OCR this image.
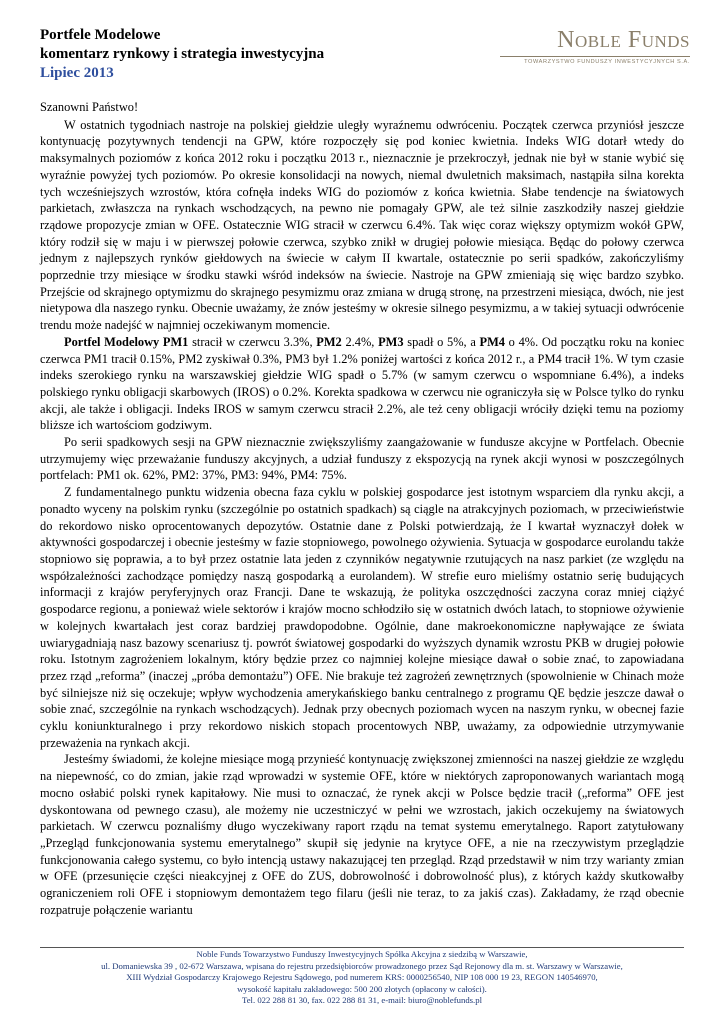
Portfele Modelowe
komentarz rynkowy i strategia inwestycyjna
Lipiec 2013
Noble Funds
TOWARZYSTWO FUNDUSZY INWESTYCYJNYCH S.A.

Szanowni Państwo!

W ostatnich tygodniach nastroje na polskiej giełdzie uległy wyraźnemu odwróceniu. Początek czerwca przyniósł jeszcze kontynuację pozytywnych tendencji na GPW, które rozpoczęły się pod koniec kwietnia. Indeks WIG dotarł wtedy do maksymalnych poziomów z końca 2012 roku i początku 2013 r., nieznacznie je przekroczył, jednak nie był w stanie wybić się wyraźnie powyżej tych poziomów. Po okresie konsolidacji na nowych, niemal dwuletnich maksimach, nastąpiła silna korekta tych wcześniejszych wzrostów, która cofnęła indeks WIG do poziomów z końca kwietnia. Słabe tendencje na światowych parkietach, zwłaszcza na rynkach wschodzących, na pewno nie pomagały GPW, ale też silnie zaszkodziły naszej giełdzie rządowe propozycje zmian w OFE. Ostatecznie WIG stracił w czerwcu 6.4%. Tak więc coraz większy optymizm wokół GPW, który rodził się w maju i w pierwszej połowie czerwca, szybko znikł w drugiej połowie miesiąca. Będąc do połowy czerwca jednym z najlepszych rynków giełdowych na świecie w całym II kwartale, ostatecznie po serii spadków, zakończyliśmy poprzednie trzy miesiące w środku stawki wśród indeksów na świecie. Nastroje na GPW zmieniają się więc bardzo szybko. Przejście od skrajnego optymizmu do skrajnego pesymizmu oraz zmiana w drugą stronę, na przestrzeni miesiąca, dwóch, nie jest nietypowa dla naszego rynku. Obecnie uważamy, że znów jesteśmy w okresie silnego pesymizmu, a w takiej sytuacji odwrócenie trendu może nadejść w najmniej oczekiwanym momencie.

Portfel Modelowy PM1 stracił w czerwcu 3.3%, PM2 2.4%, PM3 spadł o 5%, a PM4 o 4%. Od początku roku na koniec czerwca PM1 tracił 0.15%, PM2 zyskiwał 0.3%, PM3 był 1.2% poniżej wartości z końca 2012 r., a PM4 tracił 1%. W tym czasie indeks szerokiego rynku na warszawskiej giełdzie WIG spadł o 5.7% (w samym czerwcu o wspomniane 6.4%), a indeks polskiego rynku obligacji skarbowych (IROS) o 0.2%. Korekta spadkowa w czerwcu nie ograniczyła się w Polsce tylko do rynku akcji, ale także i obligacji. Indeks IROS w samym czerwcu stracił 2.2%, ale też ceny obligacji wróciły dzięki temu na poziomy bliższe ich wartościom godziwym.

Po serii spadkowych sesji na GPW nieznacznie zwiększyliśmy zaangażowanie w fundusze akcyjne w Portfelach. Obecnie utrzymujemy więc przeważanie funduszy akcyjnych, a udział funduszy z ekspozycją na rynek akcji wynosi w poszczególnych portfelach: PM1 ok. 62%, PM2: 37%, PM3: 94%, PM4: 75%.

Z fundamentalnego punktu widzenia obecna faza cyklu w polskiej gospodarce jest istotnym wsparciem dla rynku akcji, a ponadto wyceny na polskim rynku (szczególnie po ostatnich spadkach) są ciągle na atrakcyjnych poziomach, w przeciwieństwie do rekordowo nisko oprocentowanych depozytów. Ostatnie dane z Polski potwierdzają, że I kwartał wyznaczył dołek w aktywności gospodarczej i obecnie jesteśmy w fazie stopniowego, powolnego ożywienia. Sytuacja w gospodarce eurolandu także stopniowo się poprawia, a to był przez ostatnie lata jeden z czynników negatywnie rzutujących na nasz parkiet (ze względu na współzależności zachodzące pomiędzy naszą gospodarką a eurolandem). W strefie euro mieliśmy ostatnio serię budujących informacji z krajów peryferyjnych oraz Francji. Dane te wskazują, że polityka oszczędności zaczyna coraz mniej ciążyć gospodarce regionu, a ponieważ wiele sektorów i krajów mocno schłodziło się w ostatnich dwóch latach, to stopniowe ożywienie w kolejnych kwartałach jest coraz bardziej prawdopodobne. Ogólnie, dane makroekonomiczne napływające ze świata uwiarygadniają nasz bazowy scenariusz tj. powrót światowej gospodarki do wyższych dynamik wzrostu PKB w drugiej połowie roku. Istotnym zagrożeniem lokalnym, który będzie przez co najmniej kolejne miesiące dawał o sobie znać, to zapowiadana przez rząd „reforma” (inaczej „próba demontażu”) OFE. Nie brakuje też zagrożeń zewnętrznych (spowolnienie w Chinach może być silniejsze niż się oczekuje; wpływ wychodzenia amerykańskiego banku centralnego z programu QE będzie jeszcze dawał o sobie znać, szczególnie na rynkach wschodzących). Jednak przy obecnych poziomach wycen na naszym rynku, w obecnej fazie cyklu koniunkturalnego i przy rekordowo niskich stopach procentowych NBP, uważamy, za odpowiednie utrzymywanie przeważenia na rynkach akcji.

Jesteśmy świadomi, że kolejne miesiące mogą przynieść kontynuację zwiększonej zmienności na naszej giełdzie ze względu na niepewność, co do zmian, jakie rząd wprowadzi w systemie OFE, które w niektórych zaproponowanych wariantach mogą mocno osłabić polski rynek kapitałowy. Nie musi to oznaczać, że rynek akcji w Polsce będzie tracił („reforma” OFE jest dyskontowana od pewnego czasu), ale możemy nie uczestniczyć w pełni we wzrostach, jakich oczekujemy na światowych parkietach. W czerwcu poznaliśmy długo wyczekiwany raport rządu na temat systemu emerytalnego. Raport zatytułowany „Przegląd funkcjonowania systemu emerytalnego” skupił się jedynie na krytyce OFE, a nie na rzeczywistym przeglądzie funkcjonowania całego systemu, co było intencją ustawy nakazującej ten przegląd. Rząd przedstawił w nim trzy warianty zmian w OFE (przesunięcie części nieakcyjnej z OFE do ZUS, dobrowolność i dobrowolność plus), z których każdy skutkowałby ograniczeniem roli OFE i stopniowym demontażem tego filaru (jeśli nie teraz, to za jakiś czas). Zakładamy, że rząd obecnie rozpatruje połączenie wariantu

Noble Funds Towarzystwo Funduszy Inwestycyjnych Spółka Akcyjna z siedzibą w Warszawie,
ul. Domaniewska 39 , 02-672 Warszawa, wpisana do rejestru przedsiębiorców prowadzonego przez Sąd Rejonowy dla m. st. Warszawy w Warszawie,
XIII Wydział Gospodarczy Krajowego Rejestru Sądowego, pod numerem KRS: 0000256540, NIP 108 000 19 23, REGON 140546970,
wysokość kapitału zakładowego: 500 200 złotych (opłacony w całości).
Tel. 022 288 81 30, fax. 022 288 81 31, e-mail: biuro@noblefunds.pl
